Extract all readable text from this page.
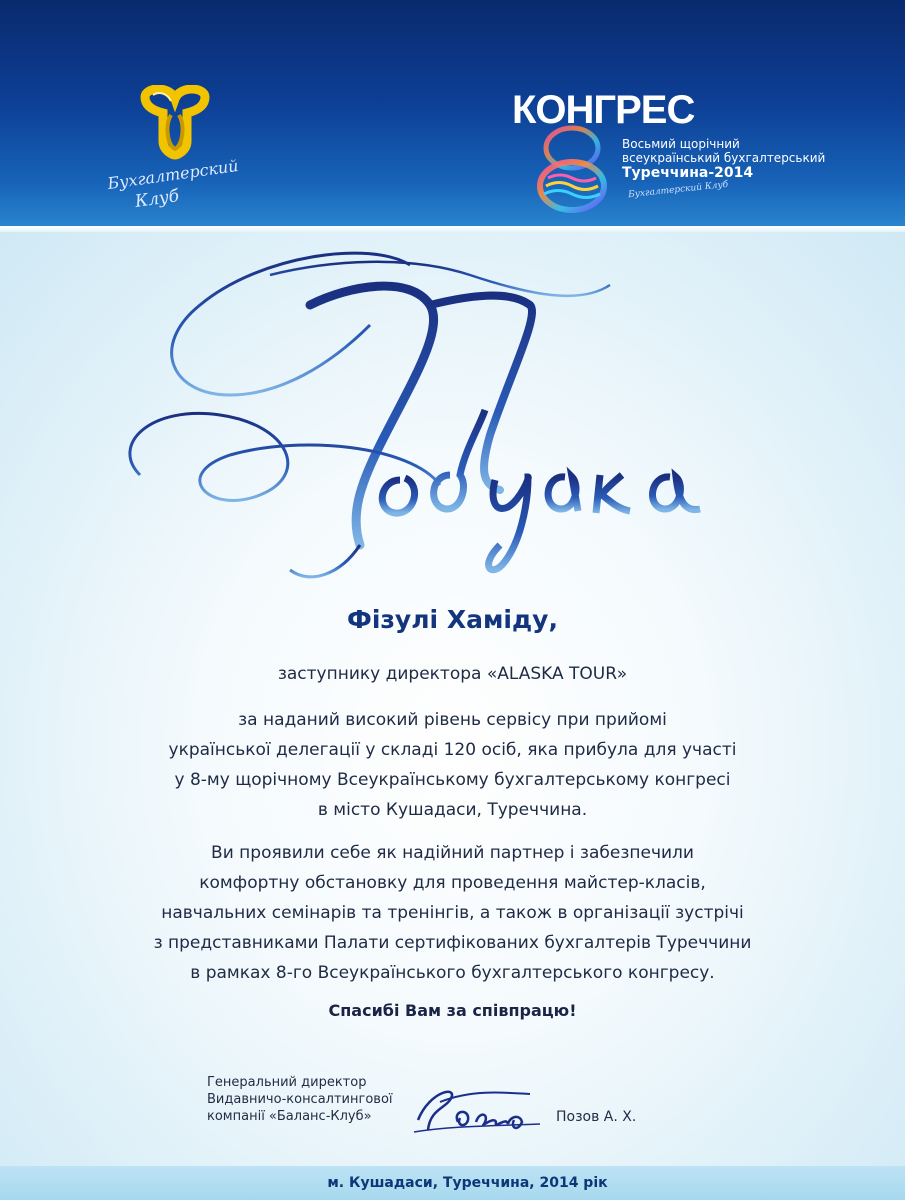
Бухгалтерский
Клуб
КОНГРЕС
8
Восьмий щорічний
всеукраїнський бухгалтерський
Туреччина-2014
Бухгалтерский Клуб
Фізулі Хаміду,
заступнику директора «ALASKA TOUR»
за наданий високий рівень сервісу при прийомі
української делегації у складі 120 осіб, яка прибула для участі
у 8-му щорічному Всеукраїнському бухгалтерському конгресі
в місто Кушадаси, Туреччина.
Ви проявили себе як надійний партнер і забезпечили
комфортну обстановку для проведення майстер-класів,
навчальних семінарів та тренінгів, а також в організації зустрічі
з представниками Палати сертифікованих бухгалтерів Туреччини
в рамках 8-го Всеукраїнського бухгалтерського конгресу.
Спасибі Вам за співпрацю!
Генеральний директор
Видавничо-консалтингової
компанії «Баланс-Клуб»	Позов А. Х.
м. Кушадаси, Туреччина, 2014 рік
